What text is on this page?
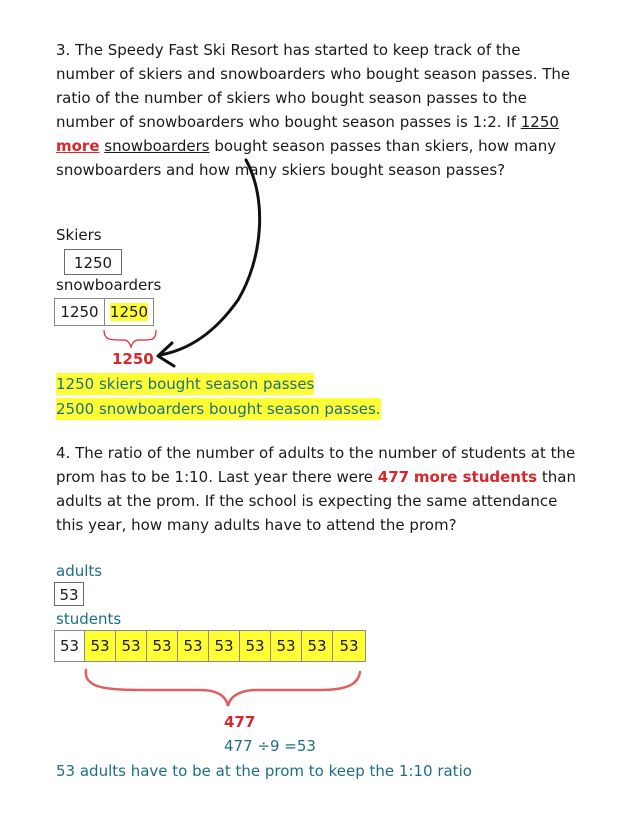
3. The Speedy Fast Ski Resort has started to keep track of the number of skiers and snowboarders who bought season passes. The ratio of the number of skiers who bought season passes to the number of snowboarders who bought season passes is 1:2. If 1250 more snowboarders bought season passes than skiers, how many snowboarders and how many skiers bought season passes?
Skiers
1250
snowboarders
1250 1250
1250
1250 skiers bought season passes
2500 snowboarders bought season passes.
4. The ratio of the number of adults to the number of students at the prom has to be 1:10. Last year there were 477 more students than adults at the prom. If the school is expecting the same attendance this year, how many adults have to attend the prom?
adults
53
students
53 53 53 53 53 53 53 53 53 53
477
477 ÷9 =53
53 adults have to be at the prom to keep the 1:10 ratio
